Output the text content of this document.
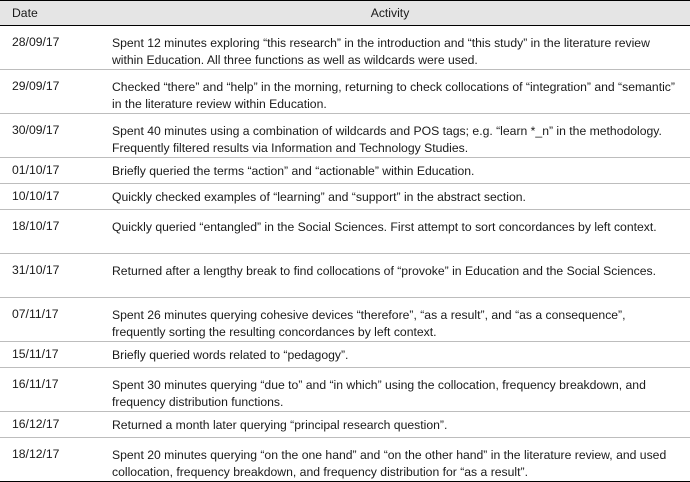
Date	Activity
28/09/17	Spent 12 minutes exploring “this research” in the introduction and “this study” in the literature review within Education. All three functions as well as wildcards were used.
29/09/17	Checked “there” and “help” in the morning, returning to check collocations of “integration” and “semantic” in the literature review within Education.
30/09/17	Spent 40 minutes using a combination of wildcards and POS tags; e.g. “learn *_n” in the methodology. Frequently filtered results via Information and Technology Studies.
01/10/17	Briefly queried the terms “action” and “actionable” within Education.
10/10/17	Quickly checked examples of “learning” and “support” in the abstract section.
18/10/17	Quickly queried “entangled” in the Social Sciences. First attempt to sort concordances by left context.
31/10/17	Returned after a lengthy break to find collocations of “provoke” in Education and the Social Sciences.
07/11/17	Spent 26 minutes querying cohesive devices “therefore”, “as a result”, and “as a consequence”, frequently sorting the resulting concordances by left context.
15/11/17	Briefly queried words related to “pedagogy”.
16/11/17	Spent 30 minutes querying “due to” and “in which” using the collocation, frequency breakdown, and frequency distribution functions.
16/12/17	Returned a month later querying “principal research question”.
18/12/17	Spent 20 minutes querying “on the one hand” and “on the other hand” in the literature review, and used collocation, frequency breakdown, and frequency distribution for “as a result”.
